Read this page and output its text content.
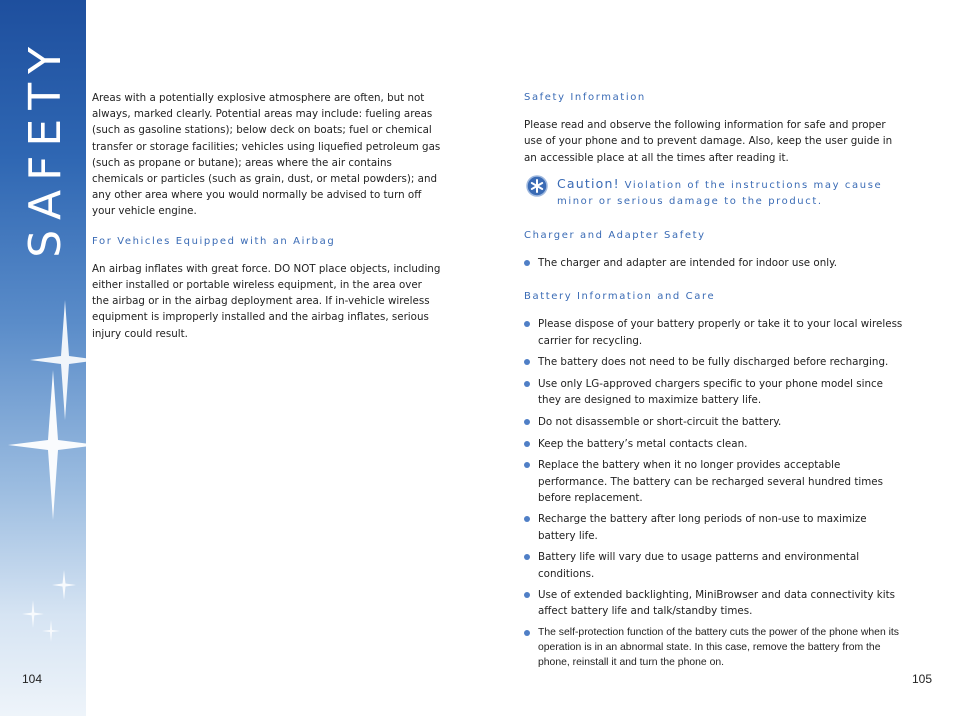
SAFETY Areas with a potentially explosive atmosphere are often, but not always, marked clearly. Potential areas may include: fueling areas (such as gasoline stations); below deck on boats; fuel or chemical transfer or storage facilities; vehicles using liquefied petroleum gas (such as propane or butane); areas where the air contains chemicals or particles (such as grain, dust, or metal powders); and any other area where you would normally be advised to turn off your vehicle engine.

For Vehicles Equipped with an Airbag

An airbag inflates with great force. DO NOT place objects, including either installed or portable wireless equipment, in the area over the airbag or in the airbag deployment area. If in-vehicle wireless equipment is improperly installed and the airbag inflates, serious injury could result.

Safety Information

Please read and observe the following information for safe and proper use of your phone and to prevent damage. Also, keep the user guide in an accessible place at all the times after reading it.

Caution! Violation of the instructions may cause minor or serious damage to the product.
Charger and Adapter Safety
The charger and adapter are intended for indoor use only.
Battery Information and Care
Please dispose of your battery properly or take it to your local wireless carrier for recycling.
The battery does not need to be fully discharged before recharging.
Use only LG-approved chargers specific to your phone model since they are designed to maximize battery life.
Do not disassemble or short-circuit the battery.
Keep the battery’s metal contacts clean.
Replace the battery when it no longer provides acceptable performance. The battery can be recharged several hundred times before replacement.
Recharge the battery after long periods of non-use to maximize battery life.
Battery life will vary due to usage patterns and environmental conditions.
Use of extended backlighting, MiniBrowser and data connectivity kits affect battery life and talk/standby times.
The self-protection function of the battery cuts the power of the phone when its operation is in an abnormal state. In this case, remove the battery from the phone, reinstall it and turn the phone on.
104	105
